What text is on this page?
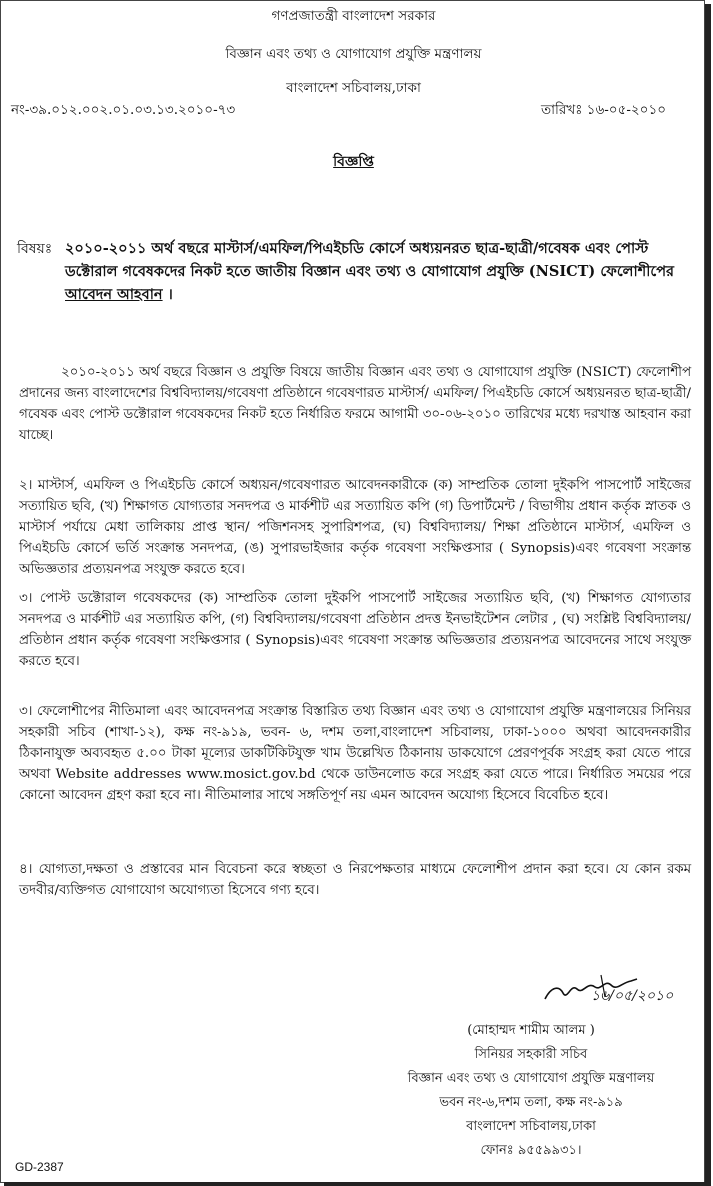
গণপ্রজাতন্ত্রী বাংলাদেশ সরকার
বিজ্ঞান এবং তথ্য ও যোগাযোগ প্রযুক্তি মন্ত্রণালয়
বাংলাদেশ সচিবালয়,ঢাকা
নং-৩৯.০১২.০০২.০১.০৩.১৩.২০১০-৭৩	তারিখঃ ১৬-০৫-২০১০
বিজ্ঞপ্তি
বিষয়ঃ ২০১০-২০১১ অর্থ বছরে মাস্টার্স/এমফিল/পিএইচডি কোর্সে অধ্যয়নরত ছাত্র-ছাত্রী/গবেষক এবং পোস্ট ডক্টোরাল গবেষকদের নিকট হতে জাতীয় বিজ্ঞান এবং তথ্য ও যোগাযোগ প্রযুক্তি (NSICT) ফেলোশীপের আবেদন আহবান ।
২০১০-২০১১ অর্থ বছরে বিজ্ঞান ও প্রযুক্তি বিষয়ে জাতীয় বিজ্ঞান এবং তথ্য ও যোগাযোগ প্রযুক্তি (NSICT) ফেলোশীপ প্রদানের জন্য বাংলাদেশের বিশ্ববিদ্যালয়/গবেষণা প্রতিষ্ঠানে গবেষণারত মাস্টার্স/ এমফিল/ পিএইচডি কোর্সে অধ্যয়নরত ছাত্র-ছাত্রী/গবেষক এবং পোস্ট ডক্টোরাল গবেষকদের নিকট হতে নির্ধারিত ফরমে আগামী ৩০-০৬-২০১০ তারিখের মধ্যে দরখাস্ত আহবান করা যাচ্ছে।
২। মাস্টার্স, এমফিল ও পিএইচডি কোর্সে অধ্যয়ন/গবেষণারত আবেদনকারীকে (ক) সাম্প্রতিক তোলা দুইকপি পাসপোর্ট সাইজের সত্যায়িত ছবি, (খ) শিক্ষাগত যোগ্যতার সনদপত্র ও মার্কশীট এর সত্যায়িত কপি (গ) ডিপার্টমেন্ট / বিভাগীয় প্রধান কর্তৃক স্নাতক ও মাস্টার্স পর্যায়ে মেধা তালিকায় প্রাপ্ত স্থান/ পজিশনসহ সুপারিশপত্র, (ঘ) বিশ্ববিদ্যালয়/ শিক্ষা প্রতিষ্ঠানে মাস্টার্স, এমফিল ও পিএইচডি কোর্সে ভর্তি সংক্রান্ত সনদপত্র, (ঙ) সুপারভাইজার কর্তৃক গবেষণা সংক্ষিপ্তসার ( Synopsis)এবং গবেষণা সংক্রান্ত অভিজ্ঞতার প্রত্যয়নপত্র সংযুক্ত করতে হবে।
৩। পোস্ট ডক্টোরাল গবেষকদের (ক) সাম্প্রতিক তোলা দুইকপি পাসপোর্ট সাইজের সত্যায়িত ছবি, (খ) শিক্ষাগত যোগ্যতার সনদপত্র ও মার্কশীট এর সত্যায়িত কপি, (গ) বিশ্ববিদ্যালয়/গবেষণা প্রতিষ্ঠান প্রদত্ত ইনভাইটেশন লেটার , (ঘ) সংশ্লিষ্ট বিশ্ববিদ্যালয়/প্রতিষ্ঠান প্রধান কর্তৃক গবেষণা সংক্ষিপ্তসার ( Synopsis)এবং গবেষণা সংক্রান্ত অভিজ্ঞতার প্রত্যয়নপত্র আবেদনের সাথে সংযুক্ত করতে হবে।
৩। ফেলোশীপের নীতিমালা এবং আবেদনপত্র সংক্রান্ত বিস্তারিত তথ্য বিজ্ঞান এবং তথ্য ও যোগাযোগ প্রযুক্তি মন্ত্রণালয়ের সিনিয়র সহকারী সচিব (শাখা-১২), কক্ষ নং-৯১৯, ভবন- ৬, দশম তলা,বাংলাদেশ সচিবালয়, ঢাকা-১০০০ অথবা আবেদনকারীর ঠিকানাযুক্ত অব্যবহৃত ৫.০০ টাকা মূল্যের ডাকটিকিটযুক্ত খাম উল্লেখিত ঠিকানায় ডাকযোগে প্রেরণপূর্বক সংগ্রহ করা যেতে পারে অথবা Website addresses www.mosict.gov.bd থেকে ডাউনলোড করে সংগ্রহ করা যেতে পারে। নির্ধারিত সময়ের পরে কোনো আবেদন গ্রহণ করা হবে না। নীতিমালার সাথে সঙ্গতিপূর্ণ নয় এমন আবেদন অযোগ্য হিসেবে বিবেচিত হবে।
৪। যোগ্যতা,দক্ষতা ও প্রস্তাবের মান বিবেচনা করে স্বচ্ছতা ও নিরপেক্ষতার মাধ্যমে ফেলোশীপ প্রদান করা হবে। যে কোন রকম তদবীর/ব্যক্তিগত যোগাযোগ অযোগ্যতা হিসেবে গণ্য হবে।
১৬/০৫/২০১০
(মোহাম্মদ শামীম আলম )
সিনিয়র সহকারী সচিব
বিজ্ঞান এবং তথ্য ও যোগাযোগ প্রযুক্তি মন্ত্রণালয়
ভবন নং-৬,দশম তলা, কক্ষ নং-৯১৯
বাংলাদেশ সচিবালয়,ঢাকা
ফোনঃ ৯৫৫৯৯৩১।
GD-2387
